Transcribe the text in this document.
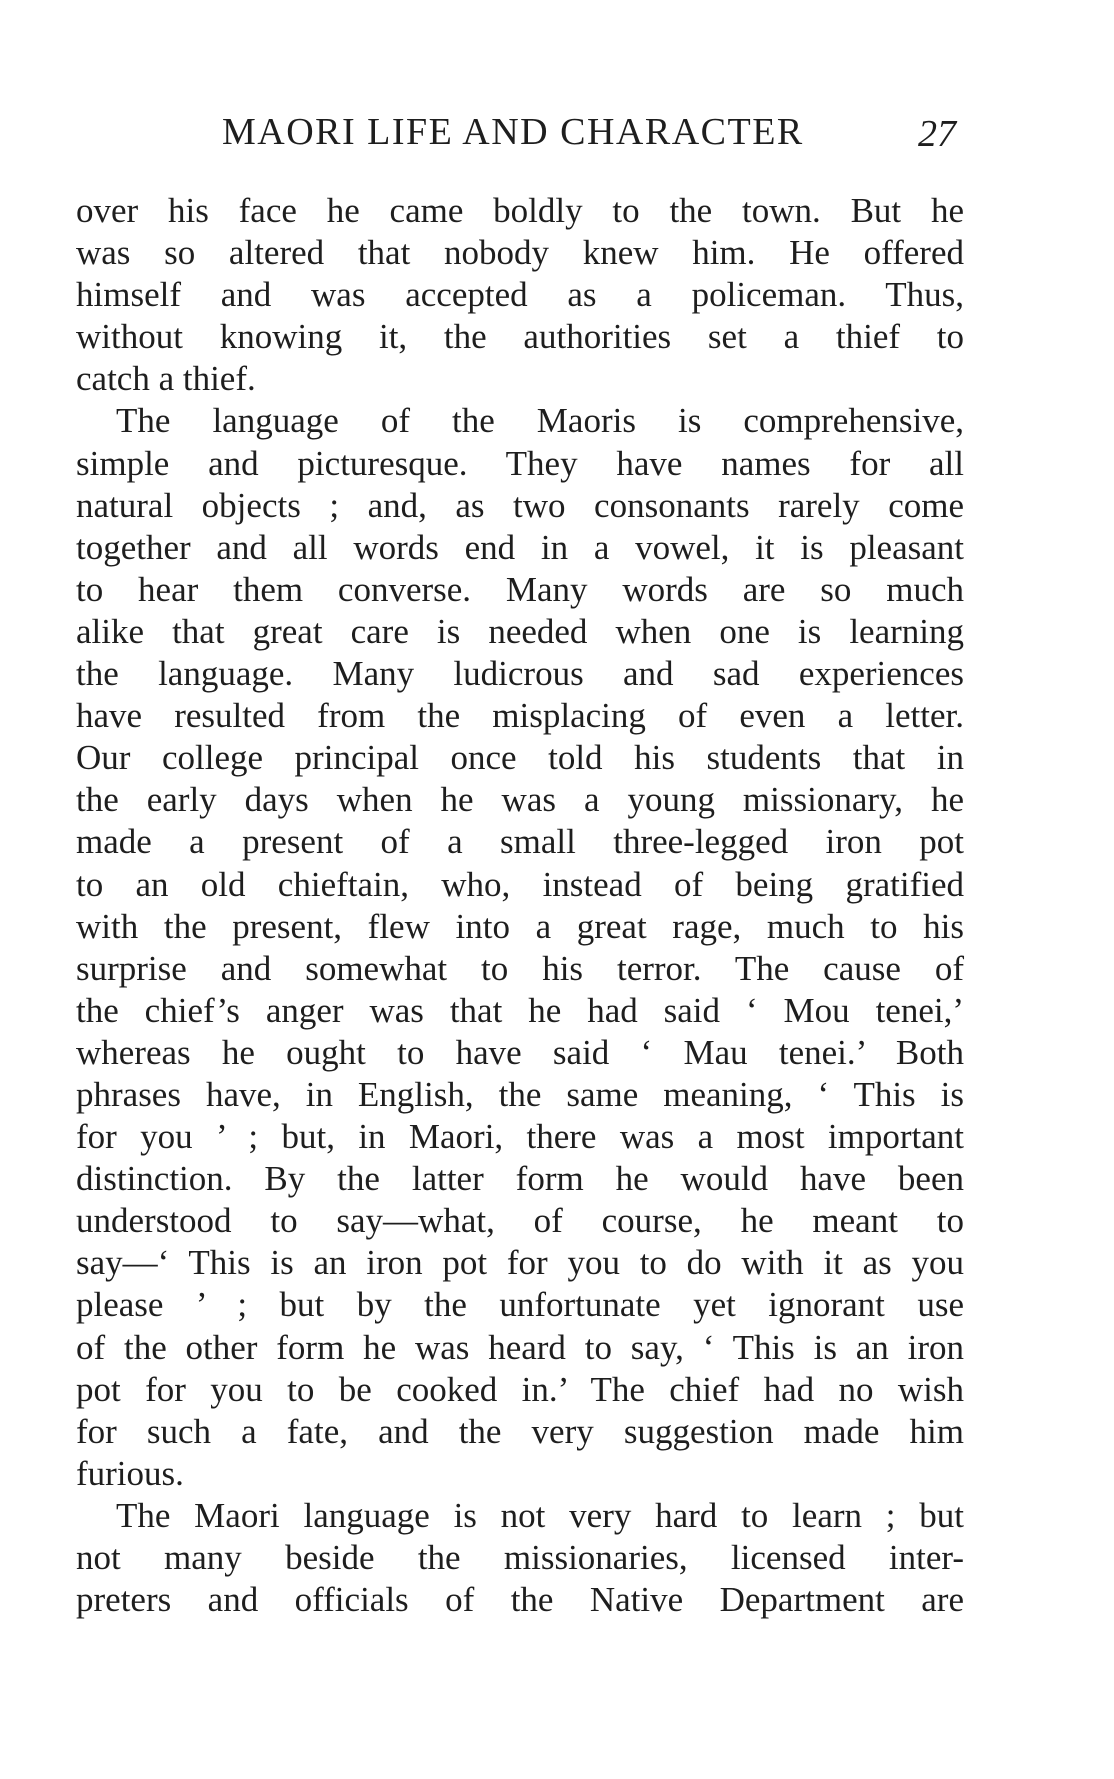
MAORI LIFE AND CHARACTER	27
over his face he came boldly to the town. But he
was so altered that nobody knew him. He offered
himself and was accepted as a policeman. Thus,
without knowing it, the authorities set a thief to
catch a thief.
The language of the Maoris is comprehensive,
simple and picturesque. They have names for all
natural objects ; and, as two consonants rarely come
together and all words end in a vowel, it is pleasant
to hear them converse. Many words are so much
alike that great care is needed when one is learning
the language. Many ludicrous and sad experiences
have resulted from the misplacing of even a letter.
Our college principal once told his students that in
the early days when he was a young missionary, he
made a present of a small three-legged iron pot
to an old chieftain, who, instead of being gratified
with the present, flew into a great rage, much to his
surprise and somewhat to his terror. The cause of
the chief’s anger was that he had said ‘ Mou tenei,’
whereas he ought to have said ‘ Mau tenei.’ Both
phrases have, in English, the same meaning, ‘ This is
for you ’ ; but, in Maori, there was a most important
distinction. By the latter form he would have been
understood to say—what, of course, he meant to
say—‘ This is an iron pot for you to do with it as you
please ’ ; but by the unfortunate yet ignorant use
of the other form he was heard to say, ‘ This is an iron
pot for you to be cooked in.’ The chief had no wish
for such a fate, and the very suggestion made him
furious.
The Maori language is not very hard to learn ; but
not many beside the missionaries, licensed inter-
preters and officials of the Native Department are
